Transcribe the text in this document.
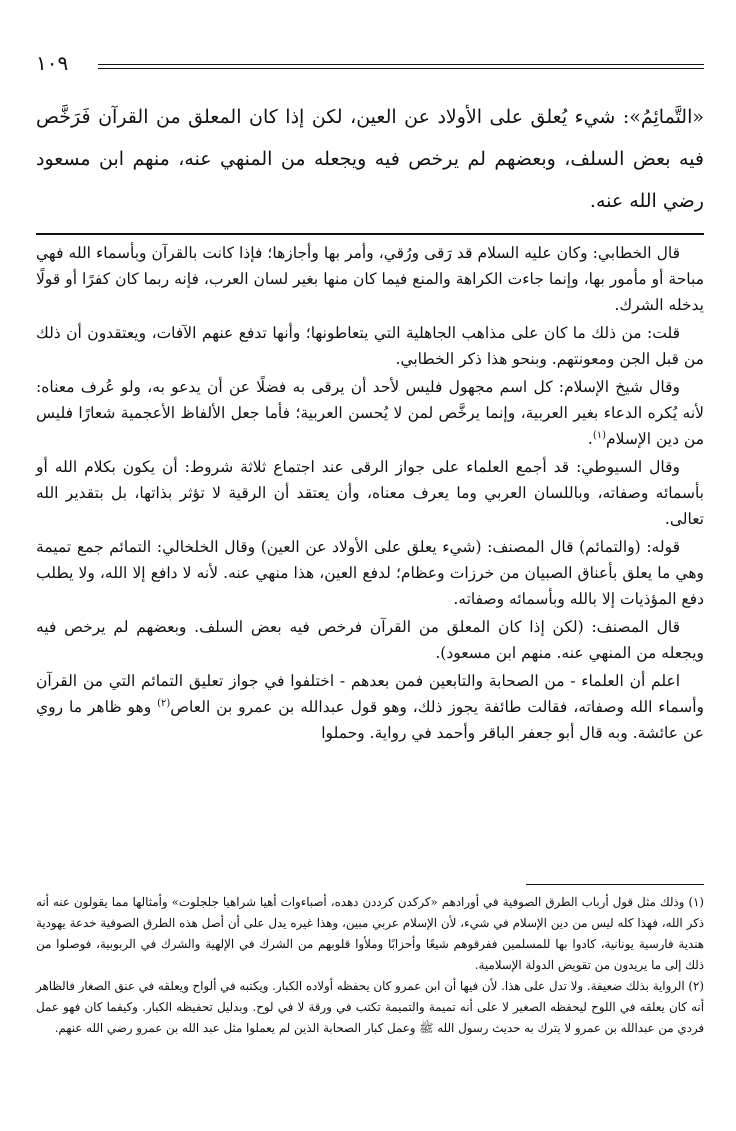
١٠٩

«التَّمائِمُ»: شيء يُعلق على الأولاد عن العين، لكن إذا كان المعلق من القرآن فَرَخَّص فيه بعض السلف، وبعضهم لم يرخص فيه ويجعله من المنهي عنه، منهم ابن مسعود رضي الله عنه.

قال الخطابي: وكان عليه السلام قد رَقى ورُقي، وأمر بها وأجازها؛ فإذا كانت بالقرآن وبأسماء الله فهي مباحة أو مأمور بها، وإنما جاءت الكراهة والمنع فيما كان منها بغير لسان العرب، فإنه ربما كان كفرًا أو قولًا يدخله الشرك.

قلت: من ذلك ما كان على مذاهب الجاهلية التي يتعاطونها؛ وأنها تدفع عنهم الآفات، ويعتقدون أن ذلك من قبل الجن ومعونتهم. وبنحو هذا ذكر الخطابي.

وقال شيخ الإسلام: كل اسم مجهول فليس لأحد أن يرقى به فضلًا عن أن يدعو به، ولو عُرف معناه: لأنه يُكره الدعاء بغير العربية، وإنما يرخَّص لمن لا يُحسن العربية؛ فأما جعل الألفاظ الأعجمية شعارًا فليس من دين الإسلام$^{(١)}$.

وقال السيوطي: قد أجمع العلماء على جواز الرقى عند اجتماع ثلاثة شروط: أن يكون بكلام الله أو بأسمائه وصفاته، وباللسان العربي وما يعرف معناه، وأن يعتقد أن الرقية لا تؤثر بذاتها، بل بتقدير الله تعالى.

قوله: (والتمائم) قال المصنف: (شيء يعلق على الأولاد عن العين) وقال الخلخالي: التمائم جمع تميمة وهي ما يعلق بأعناق الصبيان من خرزات وعظام؛ لدفع العين، هذا منهي عنه. لأنه لا دافع إلا الله، ولا يطلب دفع المؤذيات إلا بالله وبأسمائه وصفاته.

قال المصنف: (لكن إذا كان المعلق من القرآن فرخص فيه بعض السلف. وبعضهم لم يرخص فيه ويجعله من المنهي عنه. منهم ابن مسعود).

اعلم أن العلماء - من الصحابة والتابعين فمن بعدهم - اختلفوا في جواز تعليق التمائم التي من القرآن وأسماء الله وصفاته، فقالت طائفة يجوز ذلك، وهو قول عبدالله بن عمرو بن العاص$^{(٢)}$ وهو ظاهر ما روي عن عائشة. وبه قال أبو جعفر الباقر وأحمد في رواية. وحملوا

(١) وذلك مثل قول أرباب الطرق الصوفية في أورادهم «كركدن كرددن دهده، أصباءوات أهيا شراهيا جلجلوت» وأمثالها مما يقولون عنه أنه ذكر الله، فهذا كله ليس من دين الإسلام في شيء، لأن الإسلام عربي مبين، وهذا غيره يدل على أن أصل هذه الطرق الصوفية خدعة يهودية هندية فارسية يونانية، كادوا بها للمسلمين ففرقوهم شيعًا وأحزابًا وملأوا قلوبهم من الشرك في الإلهية والشرك في الربوبية، فوصلوا من ذلك إلى ما يريدون من تقويض الدولة الإسلامية.

(٢) الرواية بذلك ضعيفة. ولا تدل على هذا. لأن فيها أن ابن عمرو كان يحفظه أولاده الكبار. ويكتبه في ألواح ويعلقه في عنق الصغار فالظاهر أنه كان يعلقه في اللوح ليحفظه الصغير لا على أنه تميمة والتميمة تكتب في ورقة لا في لوح. وبدليل تحفيظه الكبار. وكيفما كان فهو عمل فردي من عبدالله بن عمرو لا يترك به حديث رسول الله ﷺ وعمل كبار الصحابة الذين لم يعملوا مثل عبد الله بن عمرو رضي الله عنهم.
